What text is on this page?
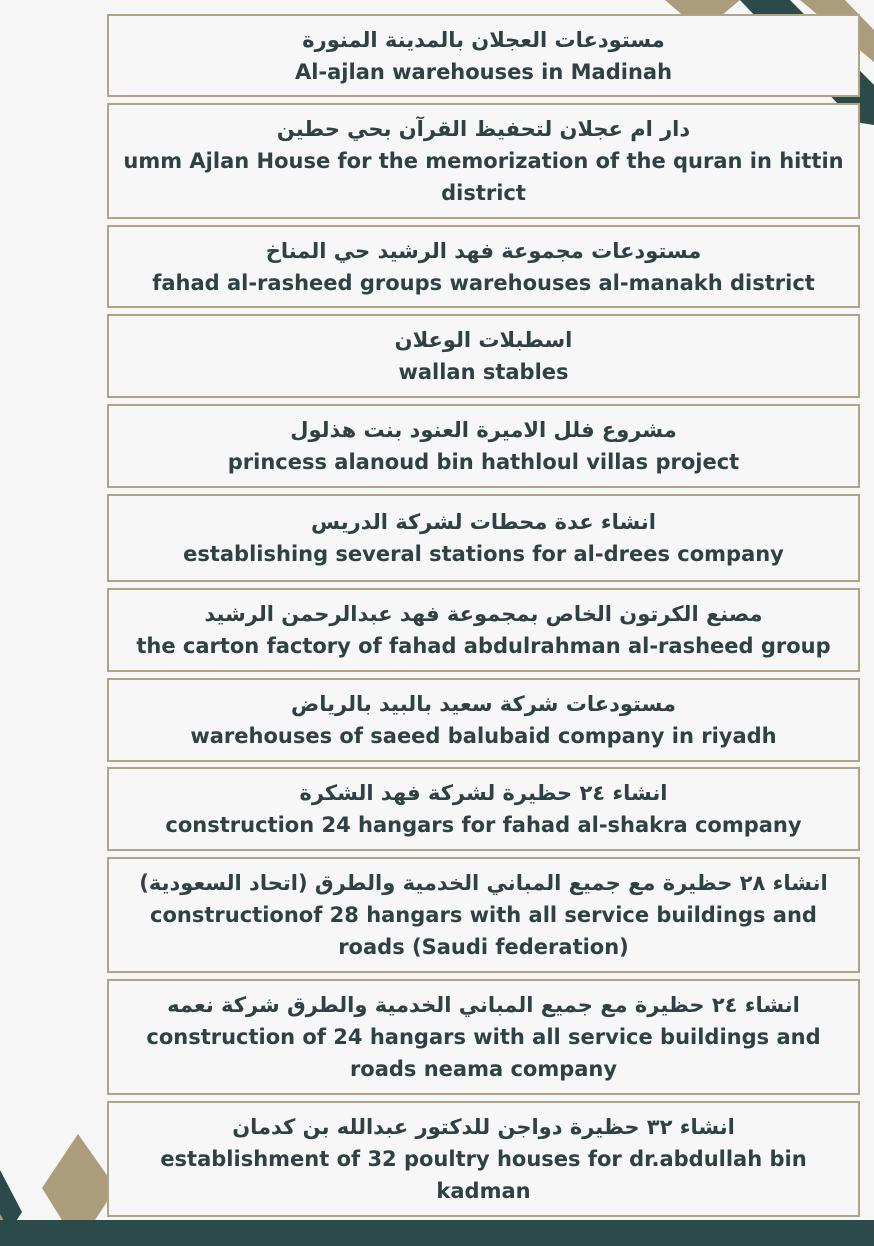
مستودعات العجلان بالمدينة المنورة
Al-ajlan warehouses in Madinah
دار ام عجلان لتحفيظ القرآن بحي حطين
umm Ajlan House for the memorization of the quran in hittin district
مستودعات مجموعة فهد الرشيد حي المناخ
fahad al-rasheed groups warehouses al-manakh district
اسطبلات الوعلان
wallan stables
مشروع فلل الاميرة العنود بنت هذلول
princess alanoud bin hathloul villas project
انشاء عدة محطات لشركة الدريس
establishing several stations for al-drees company
مصنع الكرتون الخاص بمجموعة فهد عبدالرحمن الرشيد
the carton factory of fahad abdulrahman al-rasheed group
مستودعات شركة سعيد بالبيد بالرياض
warehouses of saeed balubaid company in riyadh
انشاء ٢٤ حظيرة لشركة فهد الشكرة
construction 24 hangars for fahad al-shakra company
انشاء ٢٨ حظيرة مع جميع المباني الخدمية والطرق (اتحاد السعودية)
constructionof 28 hangars with all service buildings and roads (Saudi federation)
انشاء ٢٤ حظيرة مع جميع المباني الخدمية والطرق شركة نعمه
construction of 24 hangars with all service buildings and roads neama company
انشاء ٣٢ حظيرة دواجن للدكتور عبدالله بن كدمان
establishment of 32 poultry houses for dr.abdullah bin kadman
